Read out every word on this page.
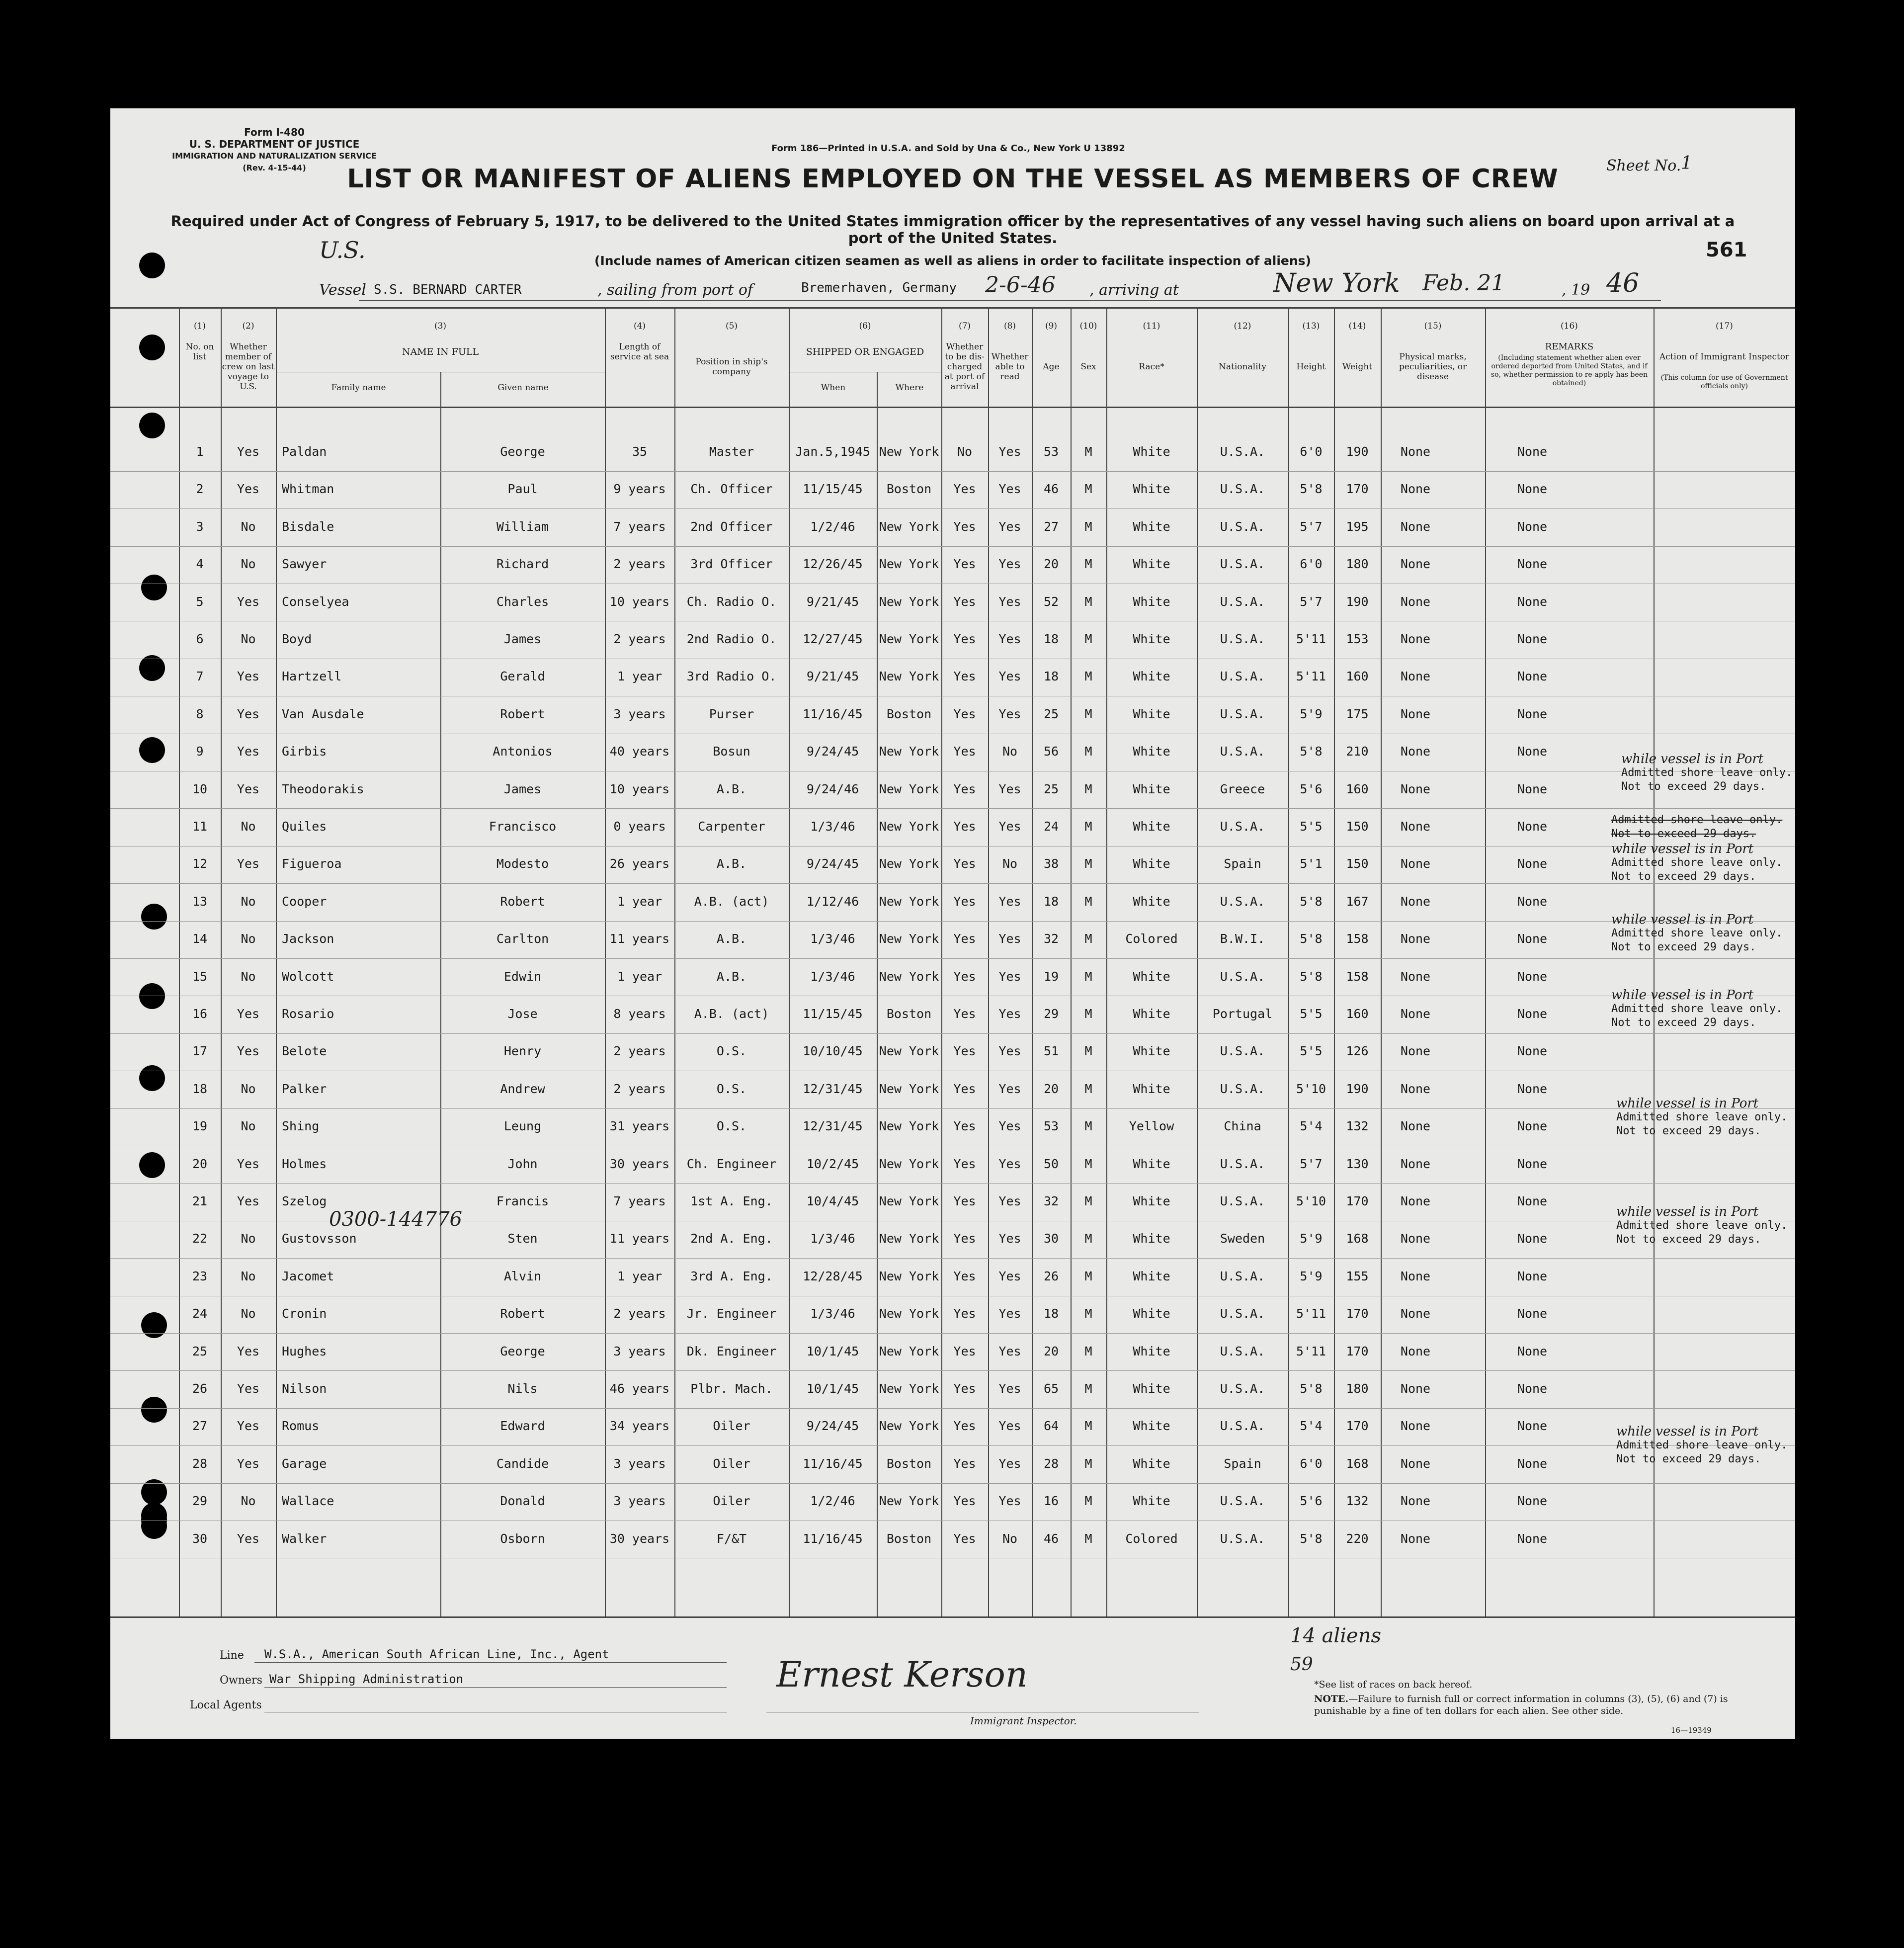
Form I-480
U. S. DEPARTMENT OF JUSTICE
IMMIGRATION AND NATURALIZATION SERVICE
(Rev. 4-15-44)
Form 186—Printed in U.S.A. and Sold by Una & Co., New York U 13892
Sheet No. 1
LIST OR MANIFEST OF ALIENS EMPLOYED ON THE VESSEL AS MEMBERS OF CREW
Required under Act of Congress of February 5, 1917, to be delivered to the United States immigration officer by the representatives of any vessel having such aliens on board upon arrival at a port of the United States.
(Include names of American citizen seamen as well as aliens in order to facilitate inspection of aliens)	561
U.S.
Vessel S.S. BERNARD CARTER	, sailing from port of	Bremerhaven, Germany 2-6-46 , arriving at	New York Feb. 21	, 19 46
(1)	(2)	(3)	(4)	(5)	(6)	(7)	(8)	(9)	(10)	(11)	(12)	(13)	(14)	(15)	(16)	(17)
No. on list
Whether member of crew on last voyage to U.S.
NAME IN FULL
Family name	Given name
Length of service at sea	Position in ship's company
SHIPPED OR ENGAGED
When	Where
Whether to be dis-charged at port of arrival
Whether able to read
Age	Sex	Race*	Nationality	Height	Weight
Physical marks, peculiarities, or disease
REMARKS
(Including statement whether alien ever ordered deported from United States, and if so, whether permission to re-apply has been obtained)
Action of Immigrant Inspector
(This column for use of Government officials only)
1	Yes	Paldan	George	35	Master	Jan.5,1945 New York	No	Yes	53	M	White	U.S.A.	6'0	190	None	None
2	Yes	Whitman	Paul	9 years	Ch. Officer	11/15/45	Boston	Yes	Yes	46	M	White	U.S.A.	5'8	170	None	None
3	No	Bisdale	William	7 years	2nd Officer	1/2/46	New York	Yes	Yes	27	M	White	U.S.A.	5'7	195	None	None
4	No	Sawyer	Richard	2 years	3rd Officer	12/26/45	New York	Yes	Yes	20	M	White	U.S.A.	6'0	180	None	None
5	Yes	Conselyea	Charles	10 years	Ch. Radio O.	9/21/45	New York	Yes	Yes	52	M	White	U.S.A.	5'7	190	None	None
6	No	Boyd	James	2 years	2nd Radio O.	12/27/45	New York	Yes	Yes	18	M	White	U.S.A.	5'11	153	None	None
7	Yes	Hartzell	Gerald	1 year	3rd Radio O.	9/21/45	New York	Yes	Yes	18	M	White	U.S.A.	5'11	160	None	None
8	Yes	Van Ausdale	Robert	3 years	Purser	11/16/45	Boston	Yes	Yes	25	M	White	U.S.A.	5'9	175	None	None
9	Yes	Girbis	Antonios	40 years	Bosun	9/24/45	New York	Yes	No	56	M	White	U.S.A.	5'8	210	None	None
10	Yes	Theodorakis	James	10 years	A.B.	9/24/46	New York	Yes	Yes	25	M	White	Greece	5'6	160	None	None
11	No	Quiles	Francisco	0 years	Carpenter	1/3/46	New York	Yes	Yes	24	M	White	U.S.A.	5'5	150	None	None
12	Yes	Figueroa	Modesto	26 years	A.B.	9/24/45	New York	Yes	No	38	M	White	Spain	5'1	150	None	None
13	No	Cooper	Robert	1 year	A.B. (act)	1/12/46	New York	Yes	Yes	18	M	White	U.S.A.	5'8	167	None	None
14	No	Jackson	Carlton	11 years	A.B.	1/3/46	New York	Yes	Yes	32	M	Colored	B.W.I.	5'8	158	None	None
15	No	Wolcott	Edwin	1 year	A.B.	1/3/46	New York	Yes	Yes	19	M	White	U.S.A.	5'8	158	None	None
16	Yes	Rosario	Jose	8 years	A.B. (act)	11/15/45	Boston	Yes	Yes	29	M	White	Portugal	5'5	160	None	None
17	Yes	Belote	Henry	2 years	O.S.	10/10/45	New York	Yes	Yes	51	M	White	U.S.A.	5'5	126	None	None
18	No	Palker	Andrew	2 years	O.S.	12/31/45	New York	Yes	Yes	20	M	White	U.S.A.	5'10	190	None	None
19	No	Shing	Leung	31 years	O.S.	12/31/45	New York	Yes	Yes	53	M	Yellow	China	5'4	132	None	None
20	Yes	Holmes	John	30 years	Ch. Engineer	10/2/45	New York	Yes	Yes	50	M	White	U.S.A.	5'7	130	None	None
21	Yes	Szelog	Francis	7 years	1st A. Eng.	10/4/45	New York	Yes	Yes	32	M	White	U.S.A.	5'10	170	None	None
22	No	Gustovsson	Sten	11 years	2nd A. Eng.	1/3/46	New York	Yes	Yes	30	M	White	Sweden	5'9	168	None	None
23	No	Jacomet	Alvin	1 year	3rd A. Eng.	12/28/45	New York	Yes	Yes	26	M	White	U.S.A.	5'9	155	None	None
24	No	Cronin	Robert	2 years	Jr. Engineer	1/3/46	New York	Yes	Yes	18	M	White	U.S.A.	5'11	170	None	None
25	Yes	Hughes	George	3 years	Dk. Engineer	10/1/45	New York	Yes	Yes	20	M	White	U.S.A.	5'11	170	None	None
26	Yes	Nilson	Nils	46 years	Plbr. Mach.	10/1/45	New York	Yes	Yes	65	M	White	U.S.A.	5'8	180	None	None
27	Yes	Romus	Edward	34 years	Oiler	9/24/45	New York	Yes	Yes	64	M	White	U.S.A.	5'4	170	None	None
28	Yes	Garage	Candide	3 years	Oiler	11/16/45	Boston	Yes	Yes	28	M	White	Spain	6'0	168	None	None
29	No	Wallace	Donald	3 years	Oiler	1/2/46	New York	Yes	Yes	16	M	White	U.S.A.	5'6	132	None	None
30	Yes	Walker	Osborn	30 years	F/&T	11/16/45	Boston	Yes	No	46	M	Colored	U.S.A.	5'8	220	None	None
while vessel is in Port
Admitted shore leave only.
Not to exceed 29 days.
Admitted shore leave only.
Not to exceed 29 days.
while vessel is in Port
Admitted shore leave only.
Not to exceed 29 days.
while vessel is in Port
Admitted shore leave only.
Not to exceed 29 days.
while vessel is in Port
Admitted shore leave only.
Not to exceed 29 days.
while vessel is in Port
Admitted shore leave only.
Not to exceed 29 days.
while vessel is in Port
Admitted shore leave only.
Not to exceed 29 days.
while vessel is in Port
Admitted shore leave only.
Not to exceed 29 days.
0300-144776
14 aliens
59
Line W.S.A., American South African Line, Inc., Agent
Owners War Shipping Administration
Local Agents
Ernest Kerson
Immigrant Inspector.
*See list of races on back hereof.
NOTE.—Failure to furnish full or correct information in columns (3), (5), (6) and (7) is punishable by a fine of ten dollars for each alien. See other side.
16—19349
